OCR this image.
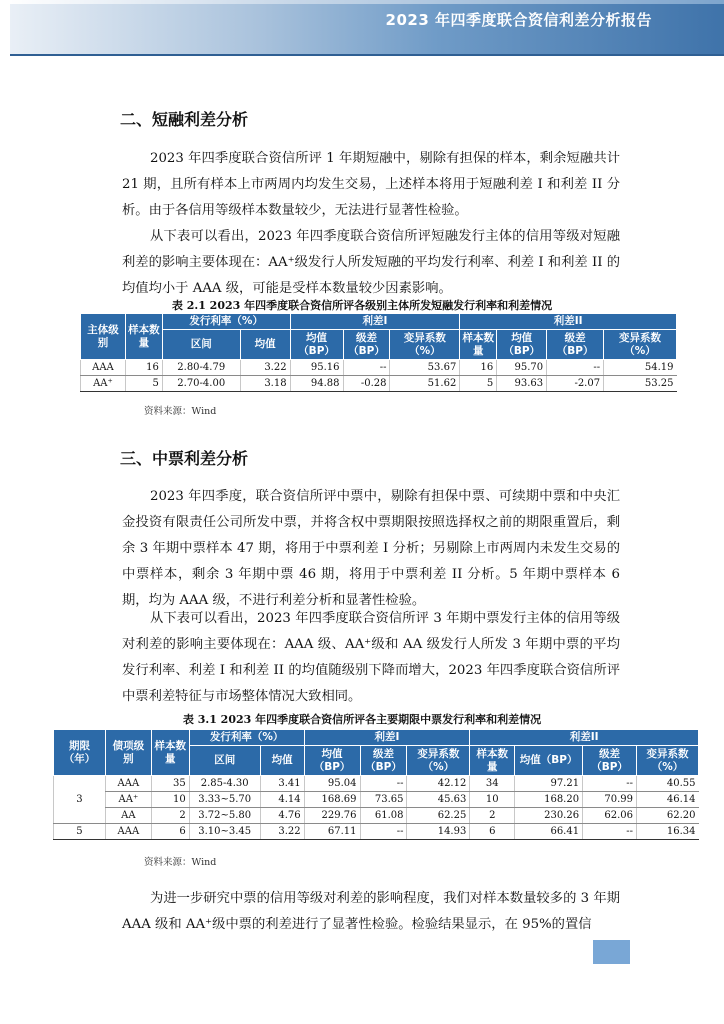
2023 年四季度联合资信利差分析报告
二、短融利差分析

2023 年四季度联合资信所评 1 年期短融中，剔除有担保的样本，剩余短融共计 21 期，且所有样本上市两周内均发生交易，上述样本将用于短融利差 I 和利差 II 分析。由于各信用等级样本数量较少，无法进行显著性检验。

从下表可以看出，2023 年四季度联合资信所评短融发行主体的信用等级对短融利差的影响主要体现在：AA⁺级发行人所发短融的平均发行利率、利差 I 和利差 II 的均值均小于 AAA 级，可能是受样本数量较少因素影响。

表 2.1 2023 年四季度联合资信所评各级别主体所发短融发行利率和利差情况
主体级别	样本数量	发行利率（%）		利差I			利差II			
		区间	均值	均值（BP）	级差（BP）	变异系数（%）	样本数量	均值（BP）	级差（BP）	变异系数（%）
AAA	16	2.80-4.79	3.22	95.16	--	53.67	16	95.70	--	54.19
AA⁺	5	2.70-4.00	3.18	94.88	-0.28	51.62	5	93.63	-2.07	53.25
资料来源：Wind
三、中票利差分析

2023 年四季度，联合资信所评中票中，剔除有担保中票、可续期中票和中央汇金投资有限责任公司所发中票，并将含权中票期限按照选择权之前的期限重置后，剩余 3 年期中票样本 47 期，将用于中票利差 I 分析；另剔除上市两周内未发生交易的中票样本，剩余 3 年期中票 46 期，将用于中票利差 II 分析。5 年期中票样本 6 期，均为 AAA 级，不进行利差分析和显著性检验。

从下表可以看出，2023 年四季度联合资信所评 3 年期中票发行主体的信用等级对利差的影响主要体现在：AAA 级、AA⁺级和 AA 级发行人所发 3 年期中票的平均发行利率、利差 I 和利差 II 的均值随级别下降而增大，2023 年四季度联合资信所评中票利差特征与市场整体情况大致相同。

表 3.1 2023 年四季度联合资信所评各主要期限中票发行利率和利差情况
期限（年）	债项级别	样本数量	发行利率（%）		利差I			利差II			
			区间	均值	均值（BP）	级差（BP）	变异系数（%）	样本数量	均值（BP）	级差（BP）	变异系数（%）
3	AAA	35	2.85-4.30	3.41	95.04	--	42.12	34	97.21	--	40.55
	AA⁺	10	3.33~5.70	4.14	168.69	73.65	45.63	10	168.20	70.99	46.14
	AA	2	3.72~5.80	4.76	229.76	61.08	62.25	2	230.26	62.06	62.20
5	AAA	6	3.10~3.45	3.22	67.11	--	14.93	6	66.41	--	16.34
资料来源：Wind

为进一步研究中票的信用等级对利差的影响程度，我们对样本数量较多的 3 年期 AAA 级和 AA⁺级中票的利差进行了显著性检验。检验结果显示，在 95%的置信
